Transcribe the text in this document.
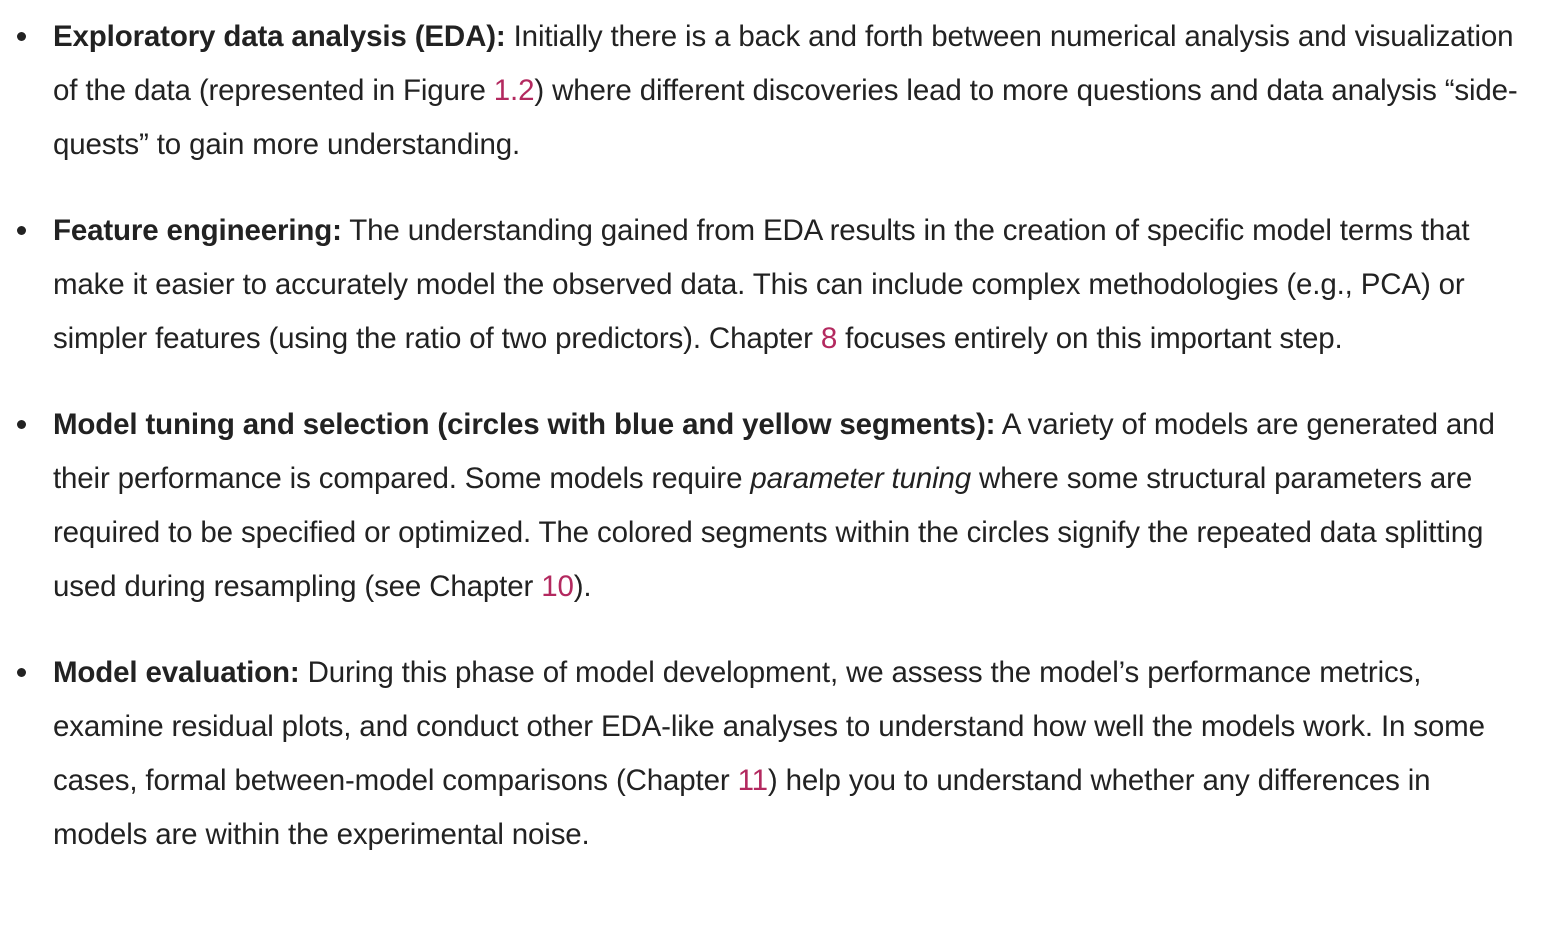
Exploratory data analysis (EDA): Initially there is a back and forth between numerical analysis and visualization of the data (represented in Figure 1.2) where different discoveries lead to more questions and data analysis “side-quests” to gain more understanding.
Feature engineering: The understanding gained from EDA results in the creation of specific model terms that make it easier to accurately model the observed data. This can include complex methodologies (e.g., PCA) or simpler features (using the ratio of two predictors). Chapter 8 focuses entirely on this important step.
Model tuning and selection (circles with blue and yellow segments): A variety of models are generated and their performance is compared. Some models require parameter tuning where some structural parameters are required to be specified or optimized. The colored segments within the circles signify the repeated data splitting used during resampling (see Chapter 10).
Model evaluation: During this phase of model development, we assess the model’s performance metrics, examine residual plots, and conduct other EDA-like analyses to understand how well the models work. In some cases, formal between-model comparisons (Chapter 11) help you to understand whether any differences in models are within the experimental noise.
